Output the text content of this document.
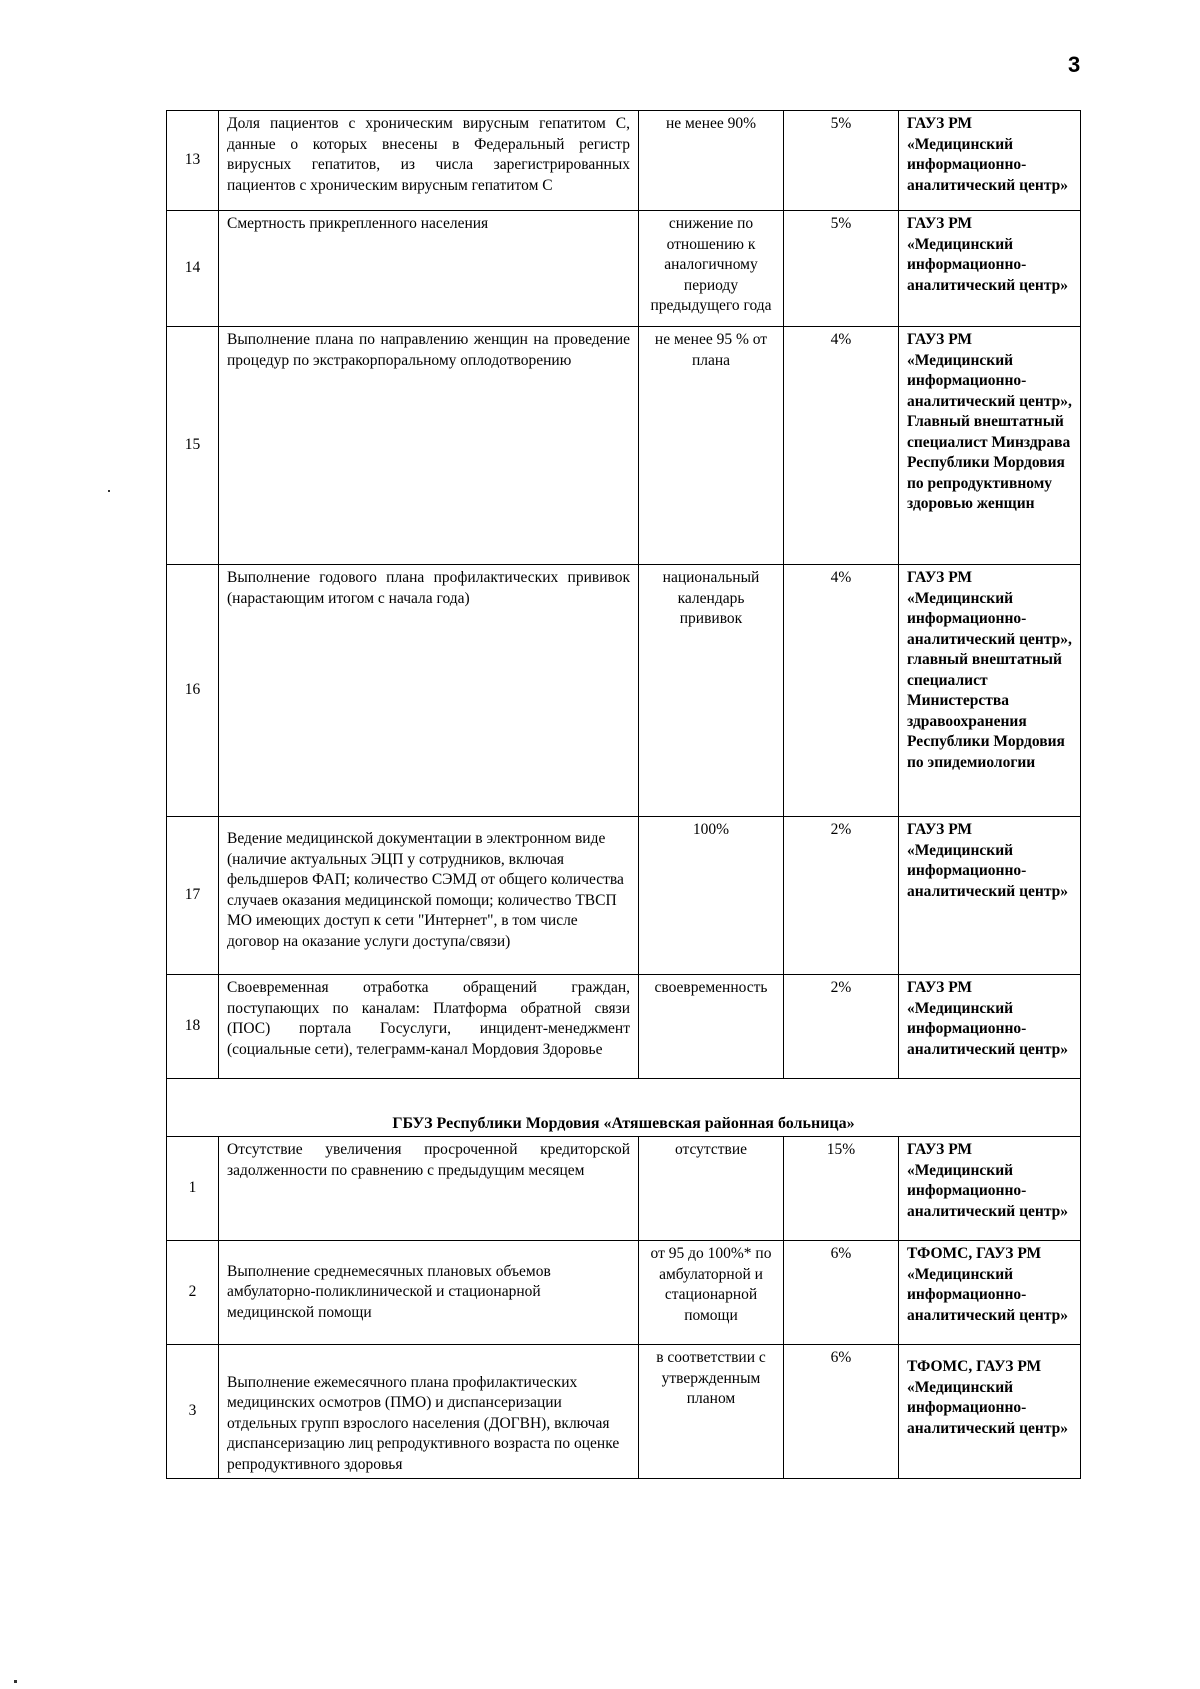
3
13	Доля пациентов с хроническим вирусным гепатитом С, данные о которых внесены в Федеральный регистр вирусных гепатитов, из числа зарегистрированных пациентов с хроническим вирусным гепатитом С	не менее 90%	5%	ГАУЗ РМ «Медицинский информационно-аналитический центр»
14	Смертность прикрепленного населения	снижение по отношению к аналогичному периоду предыдущего года	5%	ГАУЗ РМ «Медицинский информационно-аналитический центр»
15	Выполнение плана по направлению женщин на проведение процедур по экстракорпоральному оплодотворению	не менее 95 % от плана	4%	ГАУЗ РМ «Медицинский информационно-аналитический центр», Главный внештатный специалист Минздрава Республики Мордовия по репродуктивному здоровью женщин
16	Выполнение годового плана профилактических прививок (нарастающим итогом с начала года)	национальный календарь прививок	4%	ГАУЗ РМ «Медицинский информационно-аналитический центр», главный внештатный специалист Министерства здравоохранения Республики Мордовия по эпидемиологии
17	Ведение медицинской документации в электронном виде (наличие актуальных ЭЦП у сотрудников, включая фельдшеров ФАП; количество СЭМД от общего количества случаев оказания медицинской помощи; количество ТВСП МО имеющих доступ к сети "Интернет", в том числе договор на оказание услуги доступа/связи)	100%	2%	ГАУЗ РМ «Медицинский информационно-аналитический центр»
18	Своевременная отработка обращений граждан, поступающих по каналам: Платформа обратной связи (ПОС) портала Госуслуги, инцидент-менеджмент (социальные сети), телеграмм-канал Мордовия Здоровье	своевременность	2%	ГАУЗ РМ «Медицинский информационно-аналитический центр»
ГБУЗ Республики Мордовия «Атяшевская районная больница»				
1	Отсутствие увеличения просроченной кредиторской задолженности по сравнению с предыдущим месяцем	отсутствие	15%	ГАУЗ РМ «Медицинский информационно-аналитический центр»
2	Выполнение среднемесячных плановых объемов амбулаторно-поликлинической и стационарной медицинской помощи	от 95 до 100%* по амбулаторной и стационарной помощи	6%	ТФОМС, ГАУЗ РМ «Медицинский информационно-аналитический центр»
3	Выполнение ежемесячного плана профилактических медицинских осмотров (ПМО) и диспансеризации отдельных групп взрослого населения (ДОГВН), включая диспансеризацию лиц репродуктивного возраста по оценке репродуктивного здоровья	в соответствии с утвержденным планом	6%	ТФОМС, ГАУЗ РМ «Медицинский информационно-аналитический центр»
